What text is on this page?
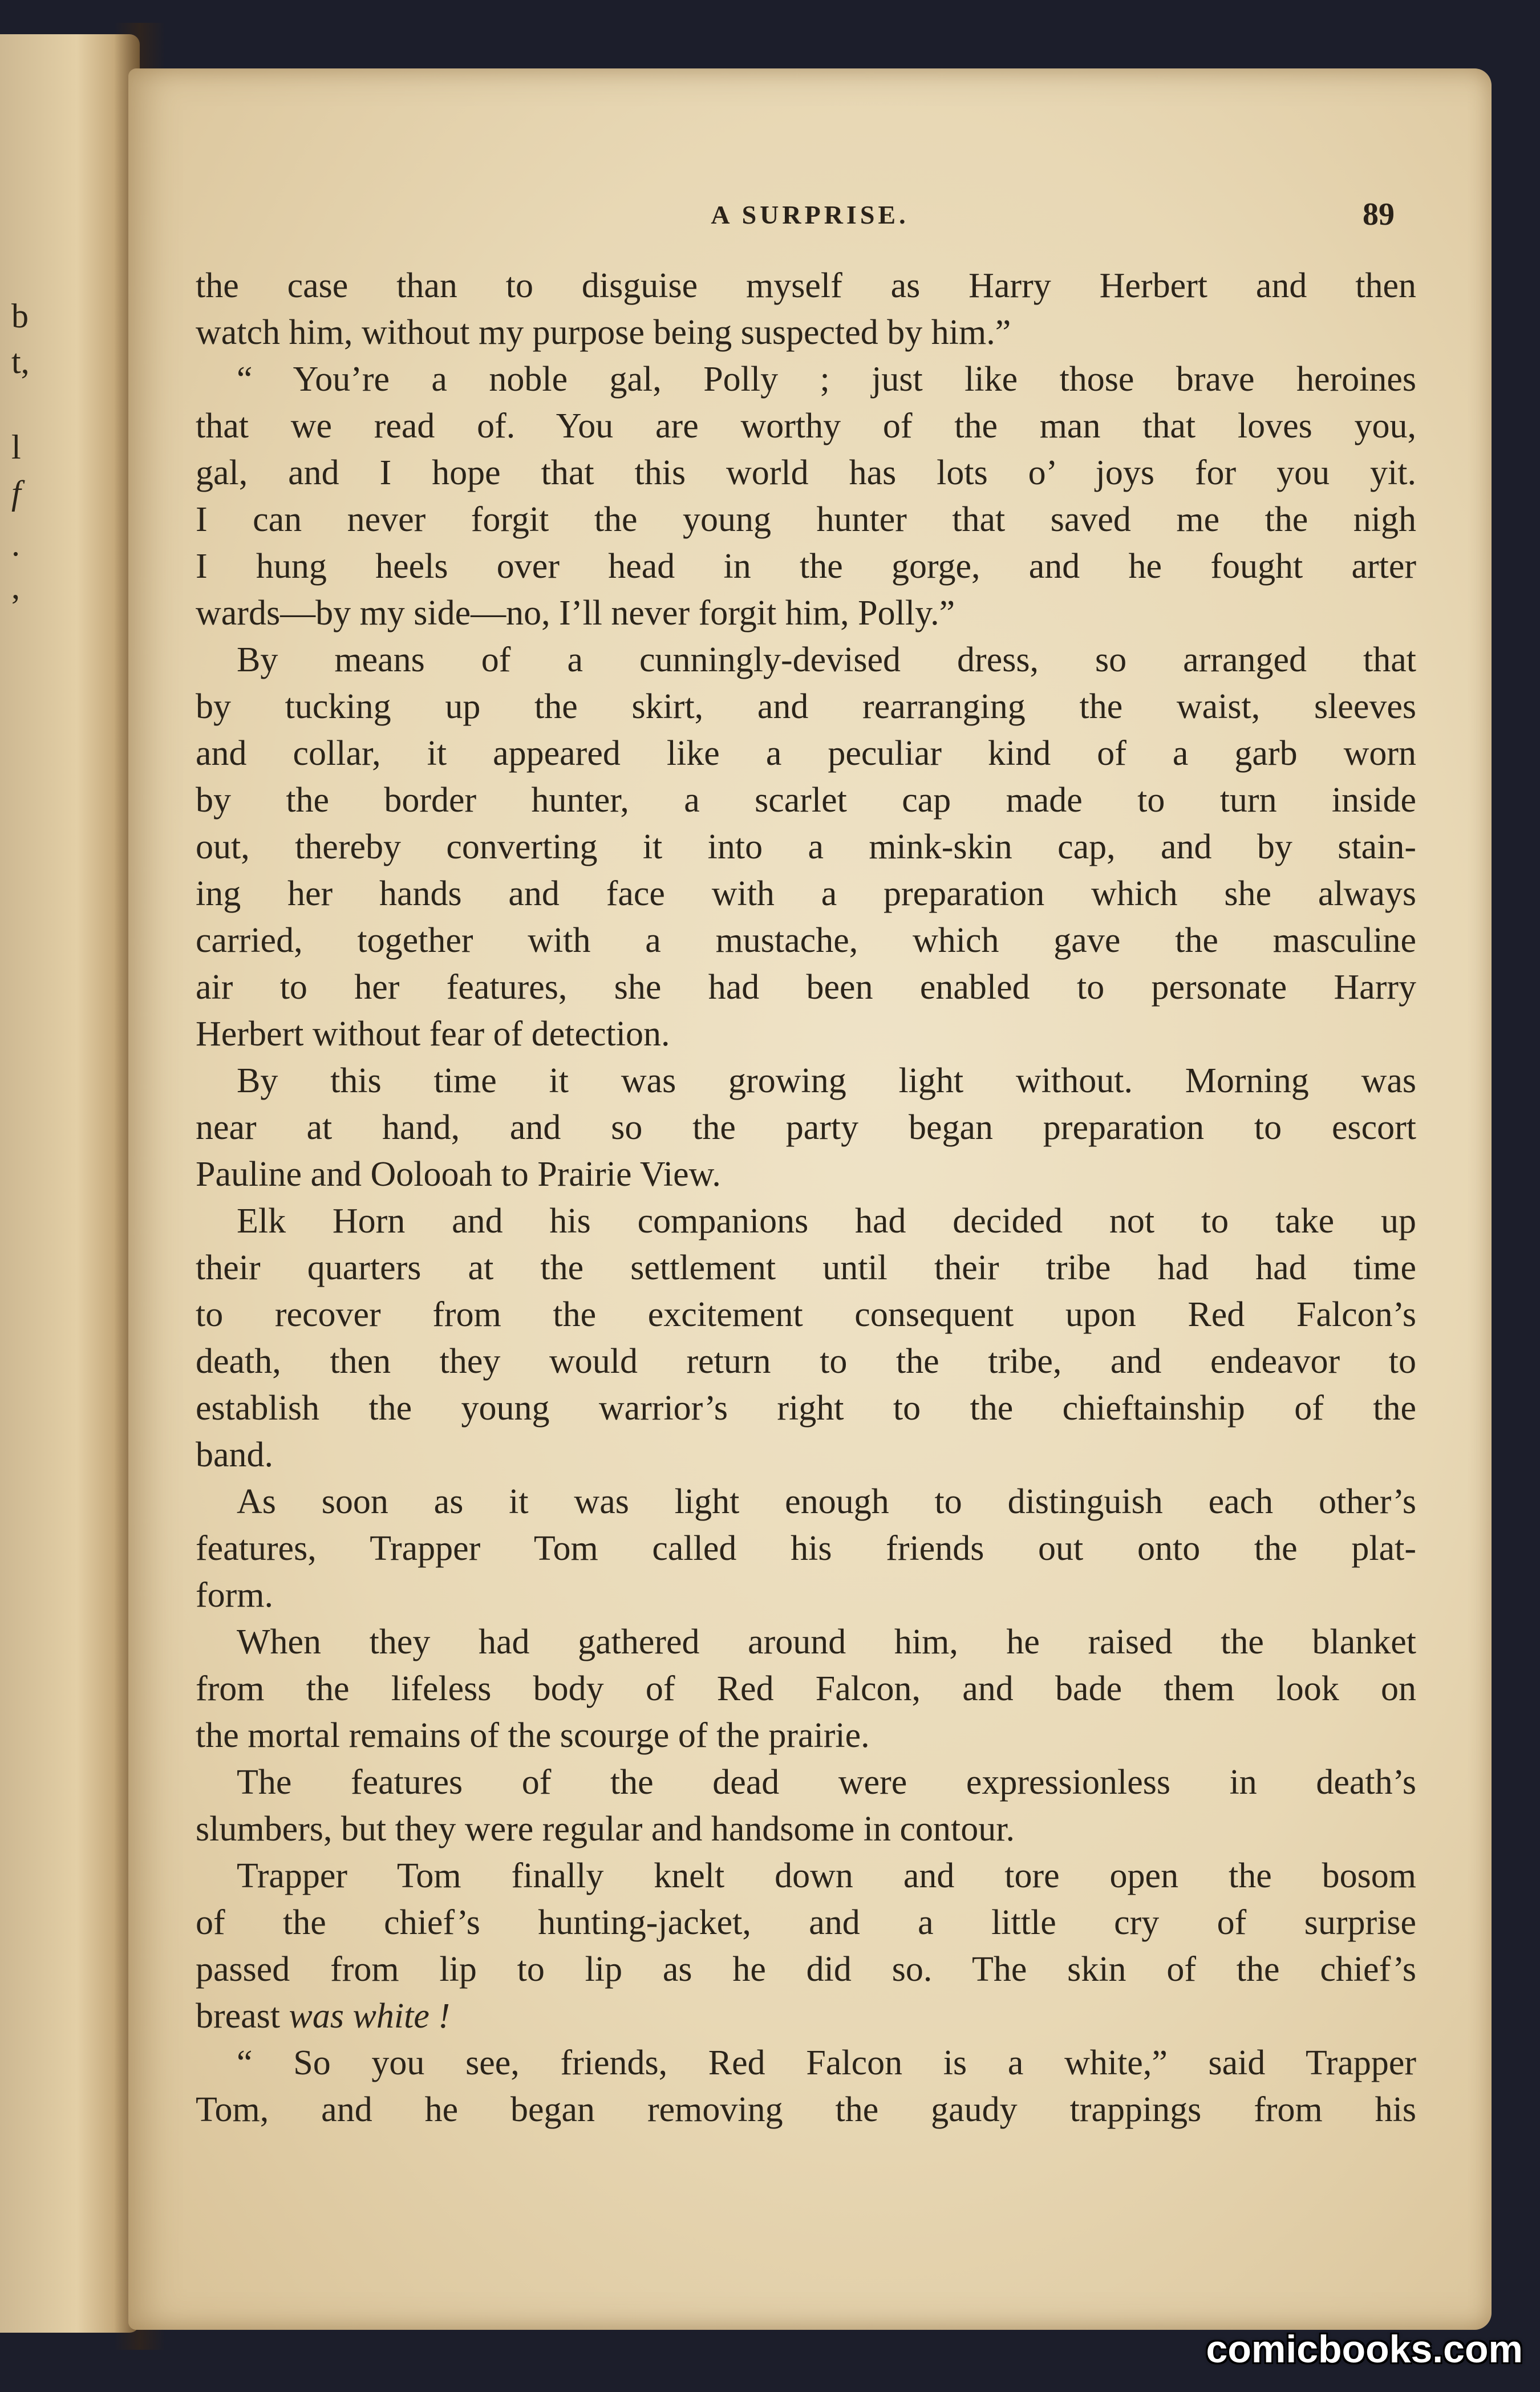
b
t,
l
f
.
,
A SURPRISE.	89
the case than to disguise myself as Harry Herbert and then
watch him, without my purpose being suspected by him.”
“ You’re a noble gal, Polly ; just like those brave heroines
that we read of. You are worthy of the man that loves you,
gal, and I hope that this world has lots o’ joys for you yit.
I can never forgit the young hunter that saved me the nigh
I hung heels over head in the gorge, and he fought arter
wards—by my side—no, I’ll never forgit him, Polly.”
By means of a cunningly-devised dress, so arranged that
by tucking up the skirt, and rearranging the waist, sleeves
and collar, it appeared like a peculiar kind of a garb worn
by the border hunter, a scarlet cap made to turn inside
out, thereby converting it into a mink-skin cap, and by stain-
ing her hands and face with a preparation which she always
carried, together with a mustache, which gave the masculine
air to her features, she had been enabled to personate Harry
Herbert without fear of detection.
By this time it was growing light without. Morning was
near at hand, and so the party began preparation to escort
Pauline and Oolooah to Prairie View.
Elk Horn and his companions had decided not to take up
their quarters at the settlement until their tribe had had time
to recover from the excitement consequent upon Red Falcon’s
death, then they would return to the tribe, and endeavor to
establish the young warrior’s right to the chieftainship of the
band.
As soon as it was light enough to distinguish each other’s
features, Trapper Tom called his friends out onto the plat-
form.
When they had gathered around him, he raised the blanket
from the lifeless body of Red Falcon, and bade them look on
the mortal remains of the scourge of the prairie.
The features of the dead were expressionless in death’s
slumbers, but they were regular and handsome in contour.
Trapper Tom finally knelt down and tore open the bosom
of the chief’s hunting-jacket, and a little cry of surprise
passed from lip to lip as he did so. The skin of the chief’s
breast was white !
“ So you see, friends, Red Falcon is a white,” said Trapper
Tom, and he began removing the gaudy trappings from his
comicbooks.com
